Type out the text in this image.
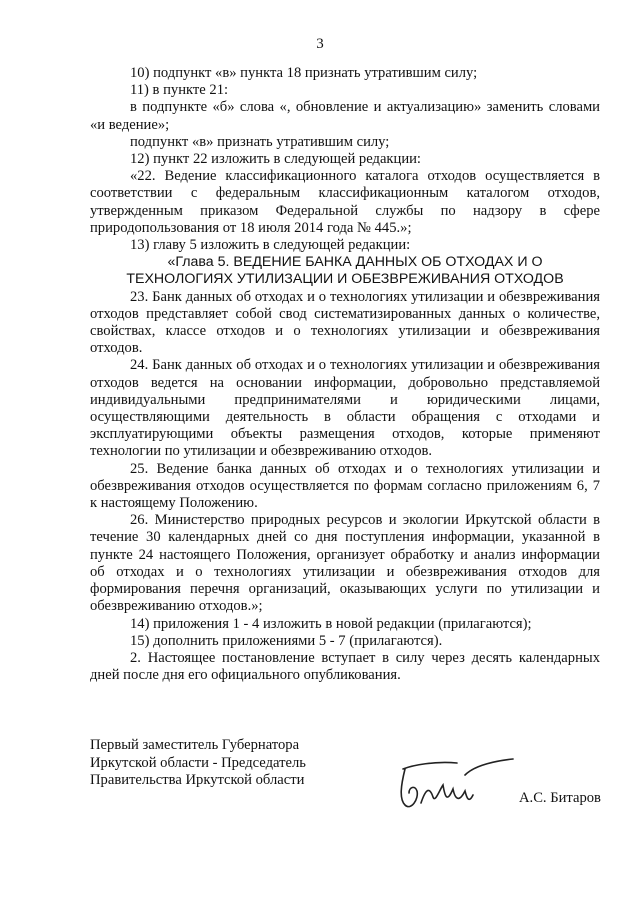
3

10) подпункт «в» пункта 18 признать утратившим силу;

11) в пункте 21:

в подпункте «б» слова «, обновление и актуализацию» заменить словами «и ведение»;

подпункт «в» признать утратившим силу;

12) пункт 22 изложить в следующей редакции:

«22. Ведение классификационного каталога отходов осуществляется в соответствии с федеральным классификационным каталогом отходов, утвержденным приказом Федеральной службы по надзору в сфере природопользования от 18 июля 2014 года № 445.»;

13) главу 5 изложить в следующей редакции:

«Глава 5. ВЕДЕНИЕ БАНКА ДАННЫХ ОБ ОТХОДАХ И О

ТЕХНОЛОГИЯХ УТИЛИЗАЦИИ И ОБЕЗВРЕЖИВАНИЯ ОТХОДОВ

23. Банк данных об отходах и о технологиях утилизации и обезвреживания отходов представляет собой свод систематизированных данных о количестве, свойствах, классе отходов и о технологиях утилизации и обезвреживания отходов.

24. Банк данных об отходах и о технологиях утилизации и обезвреживания отходов ведется на основании информации, добровольно представляемой индивидуальными предпринимателями и юридическими лицами, осуществляющими деятельность в области обращения с отходами и эксплуатирующими объекты размещения отходов, которые применяют технологии по утилизации и обезвреживанию отходов.

25. Ведение банка данных об отходах и о технологиях утилизации и обезвреживания отходов осуществляется по формам согласно приложениям 6, 7 к настоящему Положению.

26. Министерство природных ресурсов и экологии Иркутской области в течение 30 календарных дней со дня поступления информации, указанной в пункте 24 настоящего Положения, организует обработку и анализ информации об отходах и о технологиях утилизации и обезвреживания отходов для формирования перечня организаций, оказывающих услуги по утилизации и обезвреживанию отходов.»;

14) приложения 1 - 4 изложить в новой редакции (прилагаются);

15) дополнить приложениями 5 - 7 (прилагаются).

2. Настоящее постановление вступает в силу через десять календарных дней после дня его официального опубликования.

Первый заместитель Губернатора

Иркутской области - Председатель

Правительства Иркутской области

А.С. Битаров
